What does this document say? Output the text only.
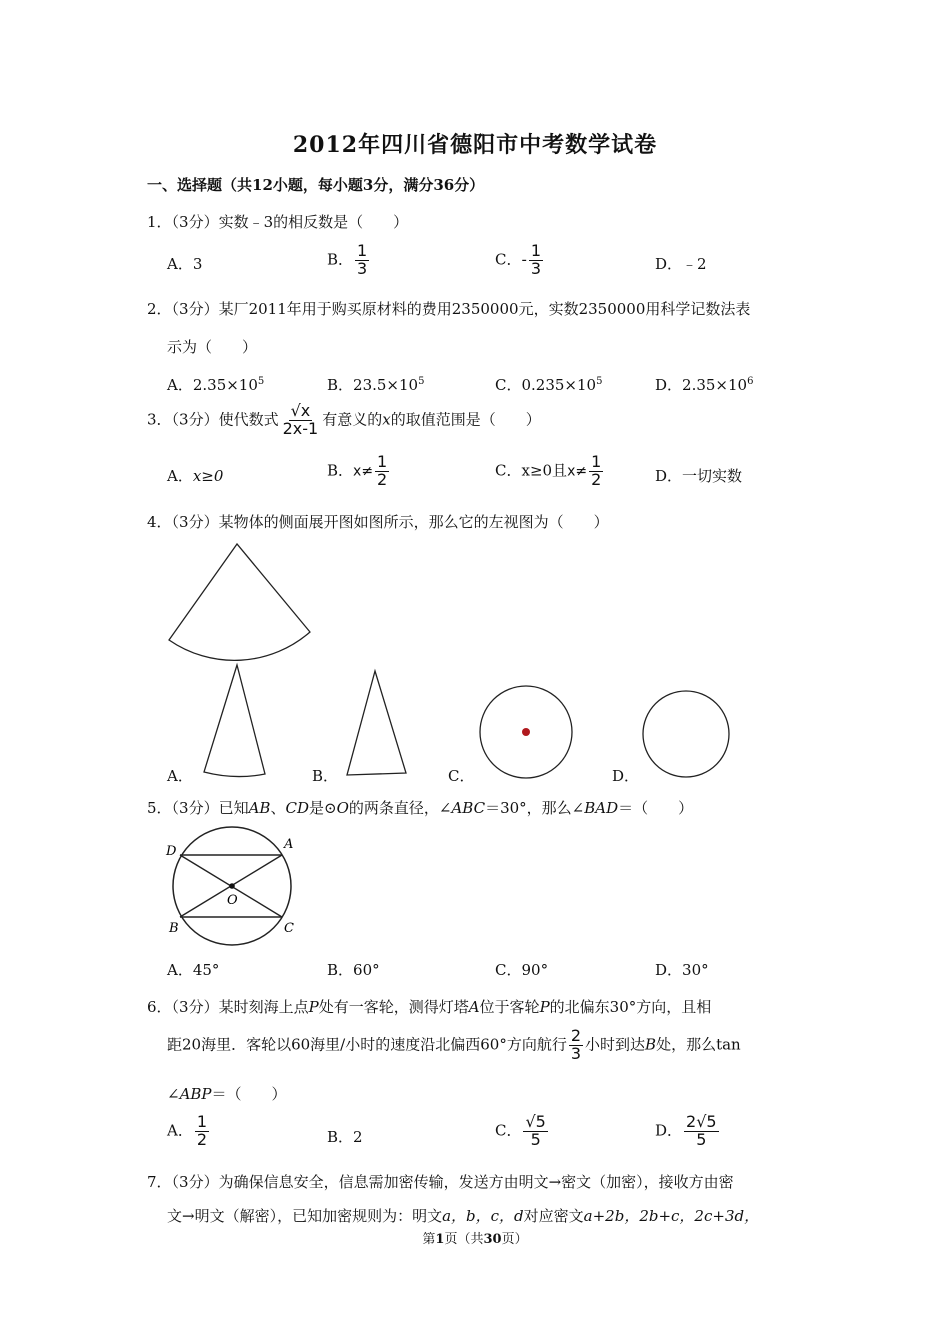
2012年四川省德阳市中考数学试卷
一、选择题（共12小题，每小题3分，满分36分）
1．（3分）实数﹣3的相反数是（　　）
A．3	B． $\frac{1}{3}$	C．- $\frac{1}{3}$	D．﹣2
2．（3分）某厂2011年用于购买原材料的费用2350000元，实数2350000用科学记数法表
示为（　　）
A．$2.35\times 10^5$	B．$23.5\times 10^5$	C．$0.235\times 10^5$	D．$2.35\times 10^6$
3．（3分）使代数式 $\frac{√x}{2x-1}$ 有意义的x的取值范围是（　　）
A．x≥0	B．$x\ne \frac{1}{2}$	C．x≥0且$x\ne \frac{1}{2}$	D．一切实数
4．（3分）某物体的侧面展开图如图所示，那么它的左视图为（　　）
A．	B．	C．	D．
5．（3分）已知AB、CD是⊙O的两条直径，∠ABC＝30°，那么∠BAD＝（　　）
D	A
O
B	C
A．45°	B．60°	C．90°	D．30°
6．（3分）某时刻海上点P处有一客轮，测得灯塔A位于客轮P的北偏东30°方向，且相
距20海里．客轮以60海里/小时的速度沿北偏西60°方向航行 $\frac{2}{3}$ 小时到达B处，那么tan
∠ABP＝（　　）
A． $\frac{1}{2}$	B．2	C． $\frac{√5}{5}$	D． $\frac{2√5}{5}$
7．（3分）为确保信息安全，信息需加密传输，发送方由明文→密文（加密），接收方由密
文→明文（解密），已知加密规则为：明文a，b，c，d对应密文a+2b，2b+c，2c+3d，
第1页（共30页）
